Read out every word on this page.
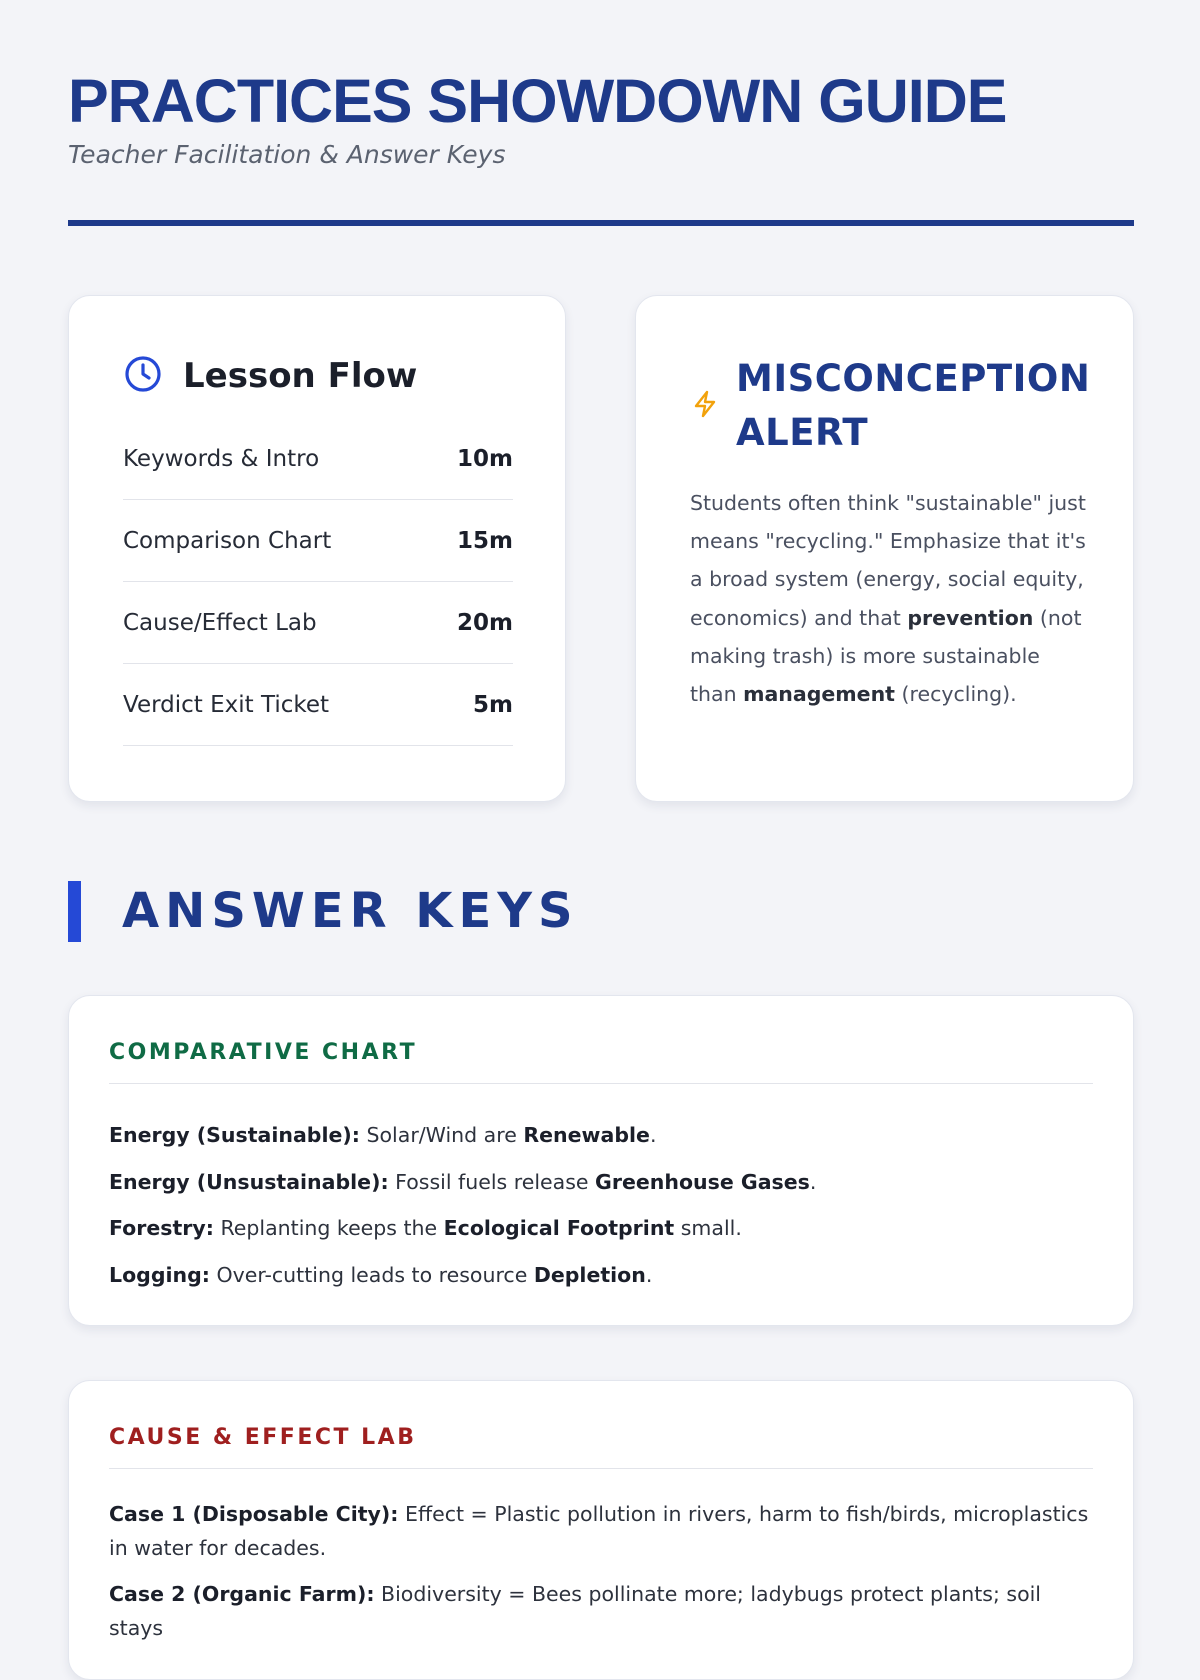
PRACTICES SHOWDOWN GUIDE
Teacher Facilitation & Answer Keys
Lesson Flow
Keywords & Intro	10m
Comparison Chart	15m
Cause/Effect Lab	20m
Verdict Exit Ticket	5m
MISCONCEPTION ALERT

Students often think "sustainable" just means "recycling." Emphasize that it's a broad system (energy, social equity, economics) and that prevention (not making trash) is more sustainable than management (recycling).

ANSWER KEYS
COMPARATIVE CHART
Energy (Sustainable): Solar/Wind are Renewable.
Energy (Unsustainable): Fossil fuels release Greenhouse Gases.
Forestry: Replanting keeps the Ecological Footprint small.
Logging: Over-cutting leads to resource Depletion.
CAUSE & EFFECT LAB

Case 1 (Disposable City): Effect = Plastic pollution in rivers, harm to fish/birds, microplastics in water for decades.

Case 2 (Organic Farm): Biodiversity = Bees pollinate more; ladybugs protect plants; soil stays
